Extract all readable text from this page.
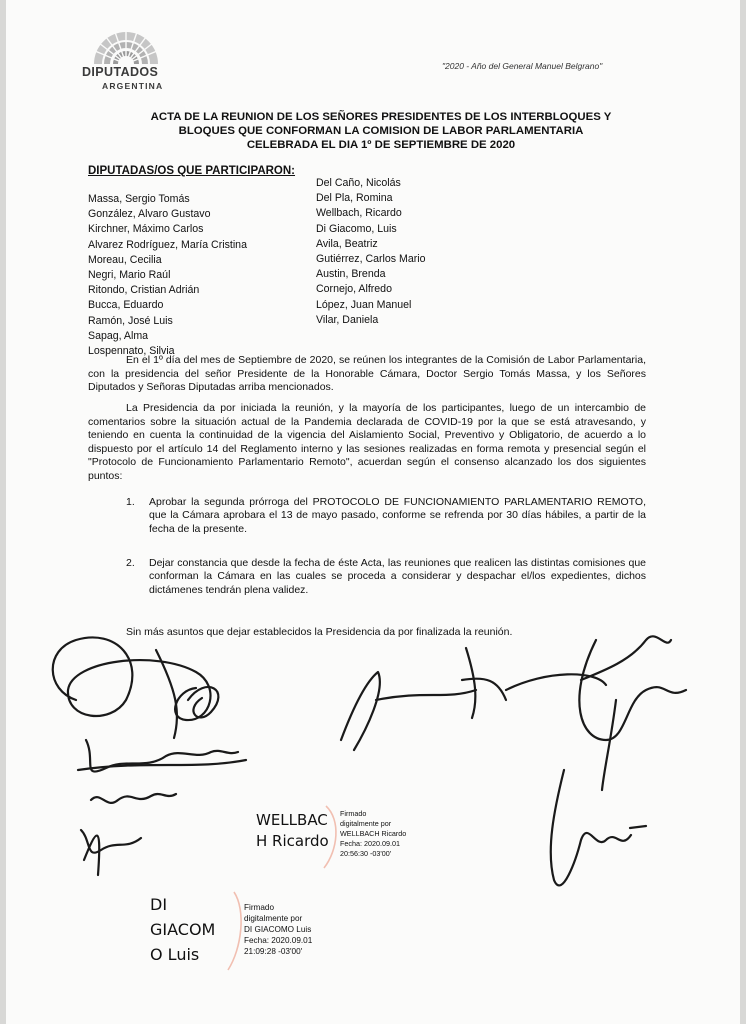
DIPUTADOS
ARGENTINA
"2020 - Año del General Manuel Belgrano"
ACTA DE LA REUNION DE LOS SEÑORES PRESIDENTES DE LOS INTERBLOQUES Y
BLOQUES QUE CONFORMAN LA COMISION DE LABOR PARLAMENTARIA
CELEBRADA EL DIA 1º DE SEPTIEMBRE DE 2020
DIPUTADAS/OS QUE PARTICIPARON:
Massa, Sergio Tomás
González, Alvaro Gustavo
Kirchner, Máximo Carlos
Alvarez Rodríguez, María Cristina
Moreau, Cecilia
Negri, Mario Raúl
Ritondo, Cristian Adrián
Bucca, Eduardo
Ramón, José Luis
Sapag, Alma
Lospennato, Silvia
Del Caño, Nicolás
Del Pla, Romina
Wellbach, Ricardo
Di Giacomo, Luis
Avila, Beatriz
Gutiérrez, Carlos Mario
Austin, Brenda
Cornejo, Alfredo
López, Juan Manuel
Vilar, Daniela

En el 1º día del mes de Septiembre de 2020, se reúnen los integrantes de la Comisión de Labor Parlamentaria, con la presidencia del señor Presidente de la Honorable Cámara, Doctor Sergio Tomás Massa, y los Señores Diputados y Señoras Diputadas arriba mencionados.

La Presidencia da por iniciada la reunión, y la mayoría de los participantes, luego de un intercambio de comentarios sobre la situación actual de la Pandemia declarada de COVID-19 por la que se está atravesando, y teniendo en cuenta la continuidad de la vigencia del Aislamiento Social, Preventivo y Obligatorio, de acuerdo a lo dispuesto por el artículo 14 del Reglamento interno y las sesiones realizadas en forma remota y presencial según el "Protocolo de Funcionamiento Parlamentario Remoto", acuerdan según el consenso alcanzado los dos siguientes puntos:

1. Aprobar la segunda prórroga del PROTOCOLO DE FUNCIONAMIENTO PARLAMENTARIO REMOTO, que la Cámara aprobara el 13 de mayo pasado, conforme se refrenda por 30 días hábiles, a partir de la fecha de la presente.
2. Dejar constancia que desde la fecha de éste Acta, las reuniones que realicen las distintas comisiones que conforman la Cámara en las cuales se proceda a considerar y despachar el/los expedientes, dichos dictámenes tendrán plena validez.
Sin más asuntos que dejar establecidos la Presidencia da por finalizada la reunión.
WELLBAC
H Ricardo
Firmado
digitalmente por
WELLBACH Ricardo
Fecha: 2020.09.01
20:56:30 -03'00'
DI
GIACOM
O Luis
Firmado
digitalmente por
DI GIACOMO Luis
Fecha: 2020.09.01
21:09:28 -03'00'
